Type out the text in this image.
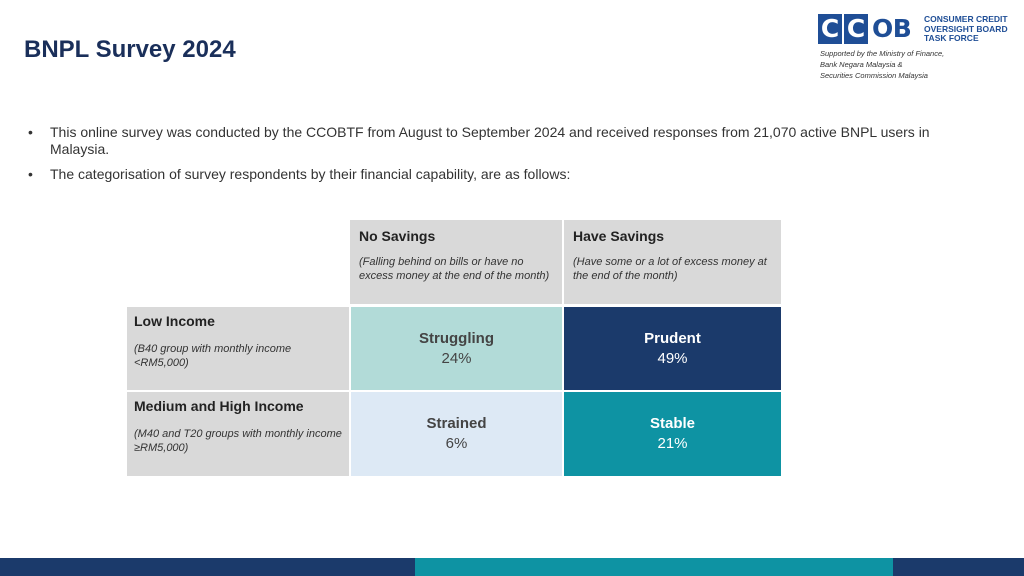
BNPL Survey 2024
C C OB CONSUMER CREDIT
OVERSIGHT BOARD
TASK FORCE
Supported by the Ministry of Finance,
Bank Negara Malaysia &
Securities Commission Malaysia
• This online survey was conducted by the CCOBTF from August to September 2024 and received responses from 21,070 active BNPL users in Malaysia.
• The categorisation of survey respondents by their financial capability, are as follows:
No Savings
(Falling behind on bills or have no excess money at the end of the month)
Have Savings
(Have some or a lot of excess money at the end of the month)
Low Income
(B40 group with monthly income <RM5,000)
Medium and High Income
(M40 and T20 groups with monthly income ≥RM5,000)
Struggling
24%
Prudent
49%
Strained
6%
Stable
21%
